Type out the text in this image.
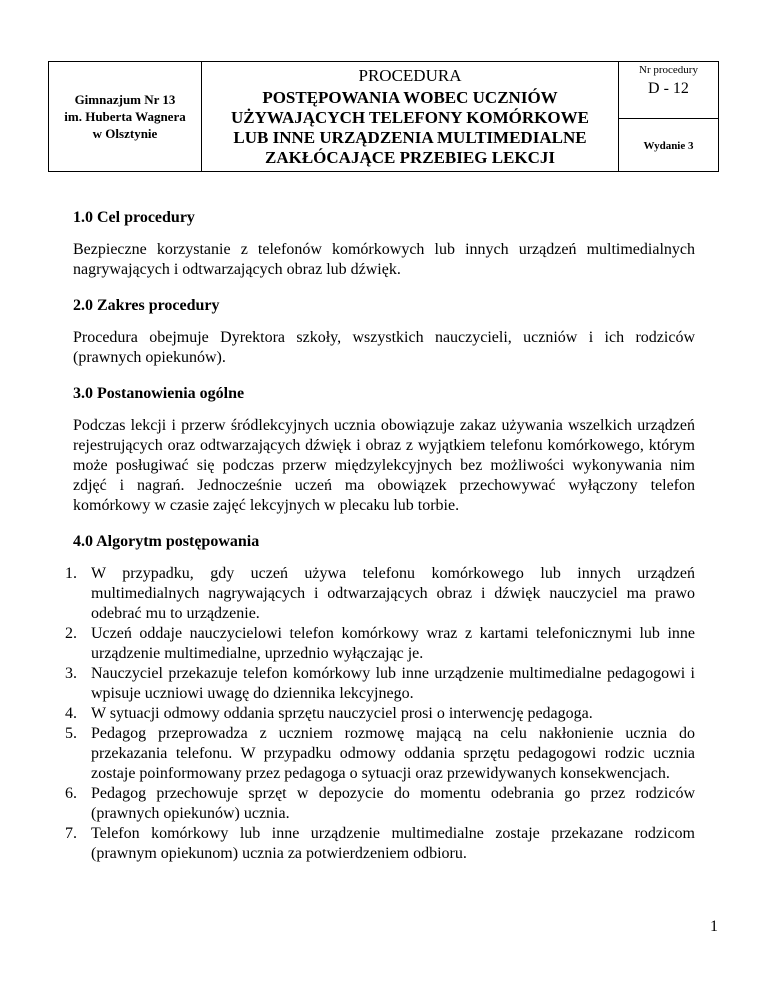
Gimnazjum Nr 13
im. Huberta Wagnera
w Olsztynie

PROCEDURA
POSTĘPOWANIA WOBEC UCZNIÓW
UŻYWAJĄCYCH TELEFONY KOMÓRKOWE
LUB INNE URZĄDZENIA MULTIMEDIALNE
ZAKŁÓCAJĄCE PRZEBIEG LEKCJI

Nr procedury
D - 12

Wydanie 3
1.0 Cel procedury

Bezpieczne korzystanie z telefonów komórkowych lub innych urządzeń multimedialnych nagrywających i odtwarzających obraz lub dźwięk.

2.0 Zakres procedury

Procedura obejmuje Dyrektora szkoły, wszystkich nauczycieli, uczniów i ich rodziców (prawnych opiekunów).

3.0 Postanowienia ogólne

Podczas lekcji i przerw śródlekcyjnych ucznia obowiązuje zakaz używania wszelkich urządzeń rejestrujących oraz odtwarzających dźwięk i obraz z wyjątkiem telefonu komórkowego, którym może posługiwać się podczas przerw międzylekcyjnych bez możliwości wykonywania nim zdjęć i nagrań. Jednocześnie uczeń ma obowiązek przechowywać wyłączony telefon komórkowy w czasie zajęć lekcyjnych w plecaku lub torbie.

4.0 Algorytm postępowania
1. W przypadku, gdy uczeń używa telefonu komórkowego lub innych urządzeń multimedialnych nagrywających i odtwarzających obraz i dźwięk nauczyciel ma prawo odebrać mu to urządzenie.
2. Uczeń oddaje nauczycielowi telefon komórkowy wraz z kartami telefonicznymi lub inne urządzenie multimedialne, uprzednio wyłączając je.
3. Nauczyciel przekazuje telefon komórkowy lub inne urządzenie multimedialne pedagogowi i wpisuje uczniowi uwagę do dziennika lekcyjnego.
4. W sytuacji odmowy oddania sprzętu nauczyciel prosi o interwencję pedagoga.
5. Pedagog przeprowadza z uczniem rozmowę mającą na celu nakłonienie ucznia do przekazania telefonu. W przypadku odmowy oddania sprzętu pedagogowi rodzic ucznia zostaje poinformowany przez pedagoga o sytuacji oraz przewidywanych konsekwencjach.
6. Pedagog przechowuje sprzęt w depozycie do momentu odebrania go przez rodziców (prawnych opiekunów) ucznia.
7. Telefon komórkowy lub inne urządzenie multimedialne zostaje przekazane rodzicom (prawnym opiekunom) ucznia za potwierdzeniem odbioru.
1
